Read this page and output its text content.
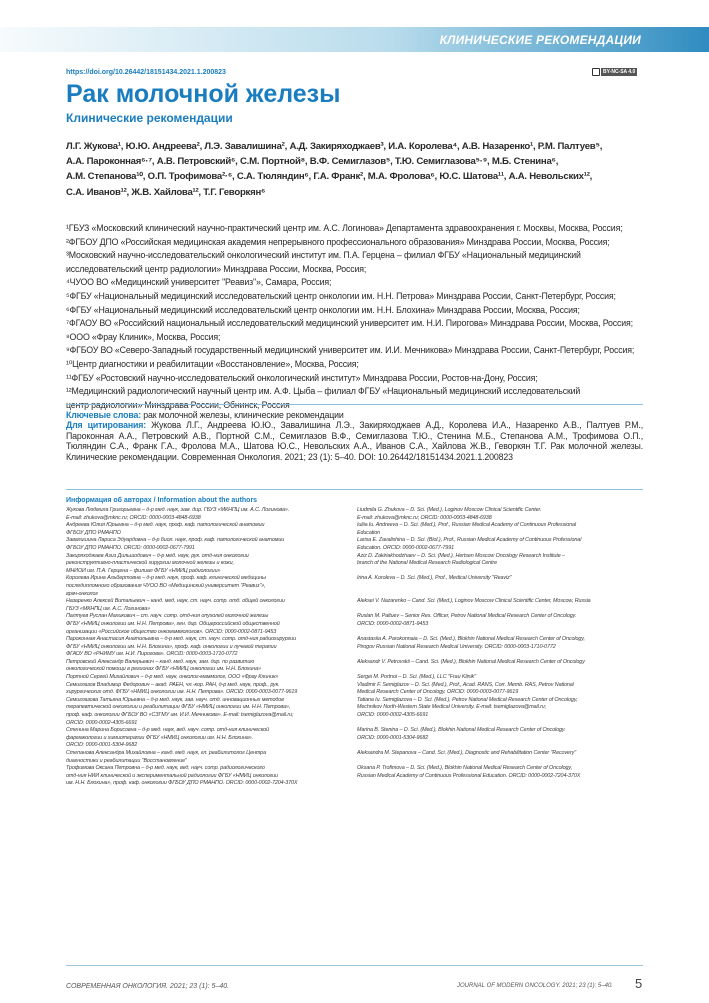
КЛИНИЧЕСКИЕ РЕКОМЕНДАЦИИ
https://doi.org/10.26442/18151434.2021.1.200823	BY-NC-SA 4.0
Рак молочной железы
Клинические рекомендации
Л.Г. Жукова¹, Ю.Ю. Андреева², Л.Э. Завалишина², А.Д. Закиряходжаев³, И.А. Королева⁴, А.В. Назаренко¹, Р.М. Палтуев⁵,
А.А. Пароконная⁶·⁷, А.В. Петровский⁶, С.М. Портной⁸, В.Ф. Семиглазов⁵, Т.Ю. Семиглазова⁵·⁹, М.Б. Стенина⁶,
А.М. Степанова¹⁰, О.П. Трофимова²·⁶, С.А. Тюляндин⁶, Г.А. Франк², М.А. Фролова⁶, Ю.С. Шатова¹¹, А.А. Невольских¹²,
С.А. Иванов¹², Ж.В. Хайлова¹², Т.Г. Геворкян⁶
¹ГБУЗ «Московский клинический научно-практический центр им. А.С. Логинова» Департамента здравоохранения г. Москвы, Москва, Россия;
²ФГБОУ ДПО «Российская медицинская академия непрерывного профессионального образования» Минздрава России, Москва, Россия;
³Московский научно-исследовательский онкологический институт им. П.А. Герцена – филиал ФГБУ «Национальный медицинский
исследовательский центр радиологии» Минздрава России, Москва, Россия;
⁴ЧУОО ВО «Медицинский университет "Реавиз"», Самара, Россия;
⁵ФГБУ «Национальный медицинский исследовательский центр онкологии им. Н.Н. Петрова» Минздрава России, Санкт-Петербург, Россия;
⁶ФГБУ «Национальный медицинский исследовательский центр онкологии им. Н.Н. Блохина» Минздрава России, Москва, Россия;
⁷ФГАОУ ВО «Российский национальный исследовательский медицинский университет им. Н.И. Пирогова» Минздрава России, Москва, Россия;
⁸ООО «Фрау Клиник», Москва, Россия;
⁹ФГБОУ ВО «Северо-Западный государственный медицинский университет им. И.И. Мечникова» Минздрава России, Санкт-Петербург, Россия;
¹⁰Центр диагностики и реабилитации «Восстановление», Москва, Россия;
¹¹ФГБУ «Ростовский научно-исследовательский онкологический институт» Минздрава России, Ростов-на-Дону, Россия;
¹²Медицинский радиологический научный центр им. А.Ф. Цыба – филиал ФГБУ «Национальный медицинский исследовательский
центр радиологии» Минздрава России, Обнинск, Россия
Ключевые слова: рак молочной железы, клинические рекомендации
Для цитирования: Жукова Л.Г., Андреева Ю.Ю., Завалишина Л.Э., Закиряходжаев А.Д., Королева И.А., Назаренко А.В., Палтуев Р.М., Пароконная А.А., Петровский А.В., Портной С.М., Семиглазов В.Ф., Семиглазова Т.Ю., Стенина М.Б., Степанова А.М., Трофимова О.П., Тюляндин С.А., Франк Г.А., Фролова М.А., Шатова Ю.С., Невольских А.А., Иванов С.А., Хайлова Ж.В., Геворкян Т.Г. Рак молочной железы. Клинические рекомендации. Современная Онкология. 2021; 23 (1): 5–40. DOI: 10.26442/18151434.2021.1.200823
Информация об авторах / Information about the authors
Жукова Людмила Григорьевна – д-р мед. наук, зам. дир. ГБУЗ «МКНПЦ им. А.С. Логинова».
E-mail: zhukova@mknc.ru; ORCID: 0000-0003-4848-6938
Андреева Юлия Юрьевна – д-р мед. наук, проф. каф. патологической анатомии
ФГБОУ ДПО РМАНПО
Завалишина Лариса Эдуардовна – д-р биол. наук, проф. каф. патологической анатомии
ФГБОУ ДПО РМАНПО. ORCID: 0000-0002-0677-7991
Закиряходжаев Азиз Дильшодович – д-р мед. наук, рук. отд-ния онкологии
реконструктивно-пластической хирургии молочной железы и кожи,
МНИОИ им. П.А. Герцена – филиал ФГБУ «НМИЦ радиологии»
Королева Ирина Альбертовна – д-р мед. наук, проф. каф. клинической медицины
последипломного образования ЧУОО ВО «Медицинский университет "Реавиз"»,
врач-онколог
Назаренко Алексей Витальевич – канд. мед. наук, ст. науч. сотр. отд. общей онкологии
ГБУЗ «МКНПЦ им. А.С. Логинова»
Палтуев Руслан Маликович – ст. науч. сотр. отд-ния опухолей молочной железы
ФГБУ «НМИЦ онкологии им. Н.Н. Петрова», ген. дир. Общероссийской общественной
организации «Российское общество онкомаммологов». ORCID: 0000-0002-0871-9453
Пароконная Анастасия Анатольевна – д-р мед. наук, ст. науч. сотр. отд-ния радиохирургии
ФГБУ «НМИЦ онкологии им. Н.Н. Блохина», проф. каф. онкологии и лучевой терапии
ФГАОУ ВО «РНИМУ им. Н.И. Пирогова». ORCID: 0000-0003-1710-0772
Петровский Александр Валерьевич – канд. мед. наук, зам. дир. по развитию
онкологической помощи в регионах ФГБУ «НМИЦ онкологии им. Н.Н. Блохина»
Портной Сергей Михайлович – д-р мед. наук, онколог-маммолог, ООО «Фрау Клиник»
Семиглазов Владимир Федорович – акад. РАЕН, чл.-кор. РАН, д-р мед. наук, проф., рук.
хирургических отд. ФГБУ «НМИЦ онкологии им. Н.Н. Петрова». ORCID: 0000-0003-0077-9619
Семиглазова Татьяна Юрьевна – д-р мед. наук, зав. науч. отд. инновационных методов
терапевтической онкологии и реабилитации ФГБУ «НМИЦ онкологии им. Н.Н. Петрова»,
проф. каф. онкологии ФГБОУ ВО «СЗГМУ им. И.И. Мечникова». E-mail: tsemiglazova@mail.ru;
ORCID: 0000-0002-4305-6691
Стенина Марина Борисовна – д-р мед. наук, вед. науч. сотр. отд-ния клинической
фармакологии и химиотерапии ФГБУ «НМИЦ онкологии им. Н.Н. Блохина».
ORCID: 0000-0001-5304-9682
Степанова Александра Михайловна – канд. мед. наук, гл. реабилитолог Центра
диагностики и реабилитации "Восстановление"
Трофимова Оксана Петровна – д-р мед. наук, вед. науч. сотр. радиологического
отд-ния НИИ клинической и экспериментальной радиологии ФГБУ «НМИЦ онкологии
им. Н.Н. Блохина», проф. каф. онкологии ФГБОУ ДПО РМАНПО. ORCID: 0000-0002-7204-370X
Liudmila G. Zhukova – D. Sci. (Med.), Loginov Moscow Clinical Scientific Center.
E-mail: zhukova@mknc.ru; ORCID: 0000-0003-4848-6938
Iuliia Iu. Andreeva – D. Sci. (Med.), Prof., Russian Medical Academy of Continuous Professional
Education
Larisa E. Zavalishina – D. Sci. (Biol.), Prof., Russian Medical Academy of Continuous Professional
Education. ORCID: 0000-0002-0677-7991
Aziz D. Zakiriakhodzhaev – D. Sci. (Med.), Hertsen Moscow Oncology Research Institute –
branch of the National Medical Research Radiological Centre

Irina A. Koroleva – D. Sci. (Med.), Prof., Medical University "Reaviz"

Aleksei V. Nazarenko – Cand. Sci. (Med.), Loginov Moscow Clinical Scientific Center, Moscow, Russia

Ruslan M. Paltuev – Senior Res. Officer, Petrov National Medical Research Center of Oncology.
ORCID: 0000-0002-0871-9453

Anastasiia A. Parokonnaia – D. Sci. (Med.), Blokhin National Medical Research Center of Oncology,
Pirogov Russian National Research Medical University. ORCID: 0000-0003-1710-0772

Aleksandr V. Petrovskii – Cand. Sci. (Med.), Blokhin National Medical Research Center of Oncology

Sergei M. Portnoi – D. Sci. (Med.), LLC "Frau Klinik"
Vladimir F. Semiglazov – D. Sci. (Med.), Prof., Acad. RANS, Corr. Memb. RAS, Petrov National
Medical Research Center of Oncology. ORCID: 0000-0003-0077-9619
Tatiana Iu. Semiglazova – D. Sci. (Med.), Petrov National Medical Research Center of Oncology,
Mechnikov North-Western State Medical University. E-mail: tsemiglazova@mail.ru;
ORCID: 0000-0002-4305-6691

Marina B. Stenina – D. Sci. (Med.), Blokhin National Medical Research Center of Oncology.
ORCID: 0000-0001-5304-9682

Aleksandra M. Stepanova – Cand. Sci. (Med.), Diagnostic and Rehabilitation Center "Recovery"

Oksana P. Trofimova – D. Sci. (Med.), Blokhin National Medical Research Center of Oncology,
Russian Medical Academy of Continuous Professional Education. ORCID: 0000-0002-7204-370X

СОВРЕМЕННАЯ ОНКОЛОГИЯ. 2021; 23 (1): 5–40.	JOURNAL OF MODERN ONCOLOGY. 2021; 23 (1): 5–40. 5
